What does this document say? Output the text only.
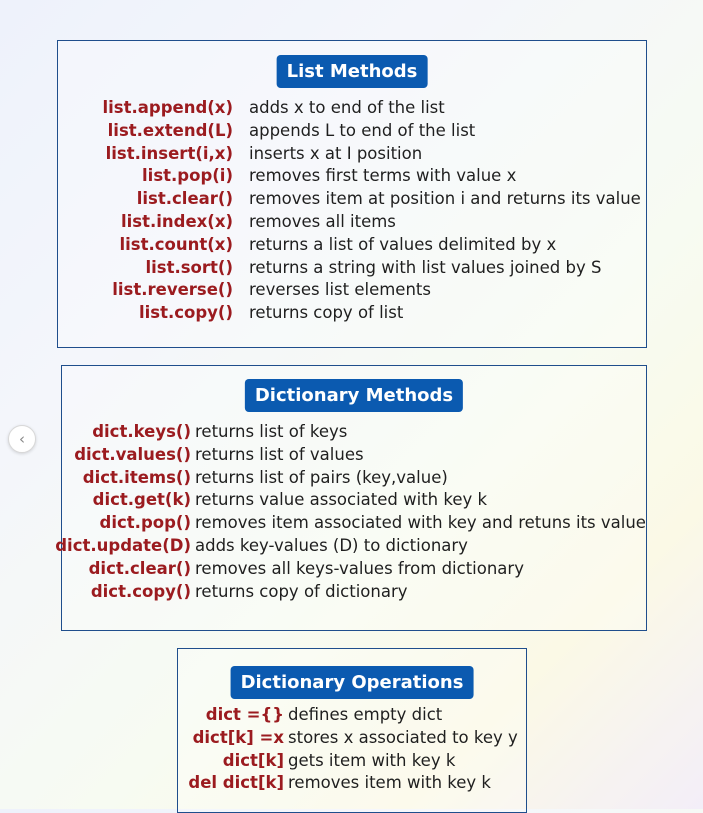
List Methods
list.append(x) adds x to end of the list
list.extend(L) appends L to end of the list
list.insert(i,x) inserts x at I position
list.pop(i) removes first terms with value x
list.clear() removes item at position i and returns its value
list.index(x) removes all items
list.count(x) returns a list of values delimited by x
list.sort() returns a string with list values joined by S
list.reverse() reverses list elements
list.copy() returns copy of list
Dictionary Methods
dict.keys() returns list of keys
dict.values() returns list of values
dict.items() returns list of pairs (key,value)
dict.get(k) returns value associated with key k
dict.pop() removes item associated with key and retuns its value
dict.update(D) adds key-values (D) to dictionary
dict.clear() removes all keys-values from dictionary
dict.copy() returns copy of dictionary
Dictionary Operations
dict ={} defines empty dict
dict[k] =x stores x associated to key y
dict[k] gets item with key k
del dict[k] removes item with key k
‹
